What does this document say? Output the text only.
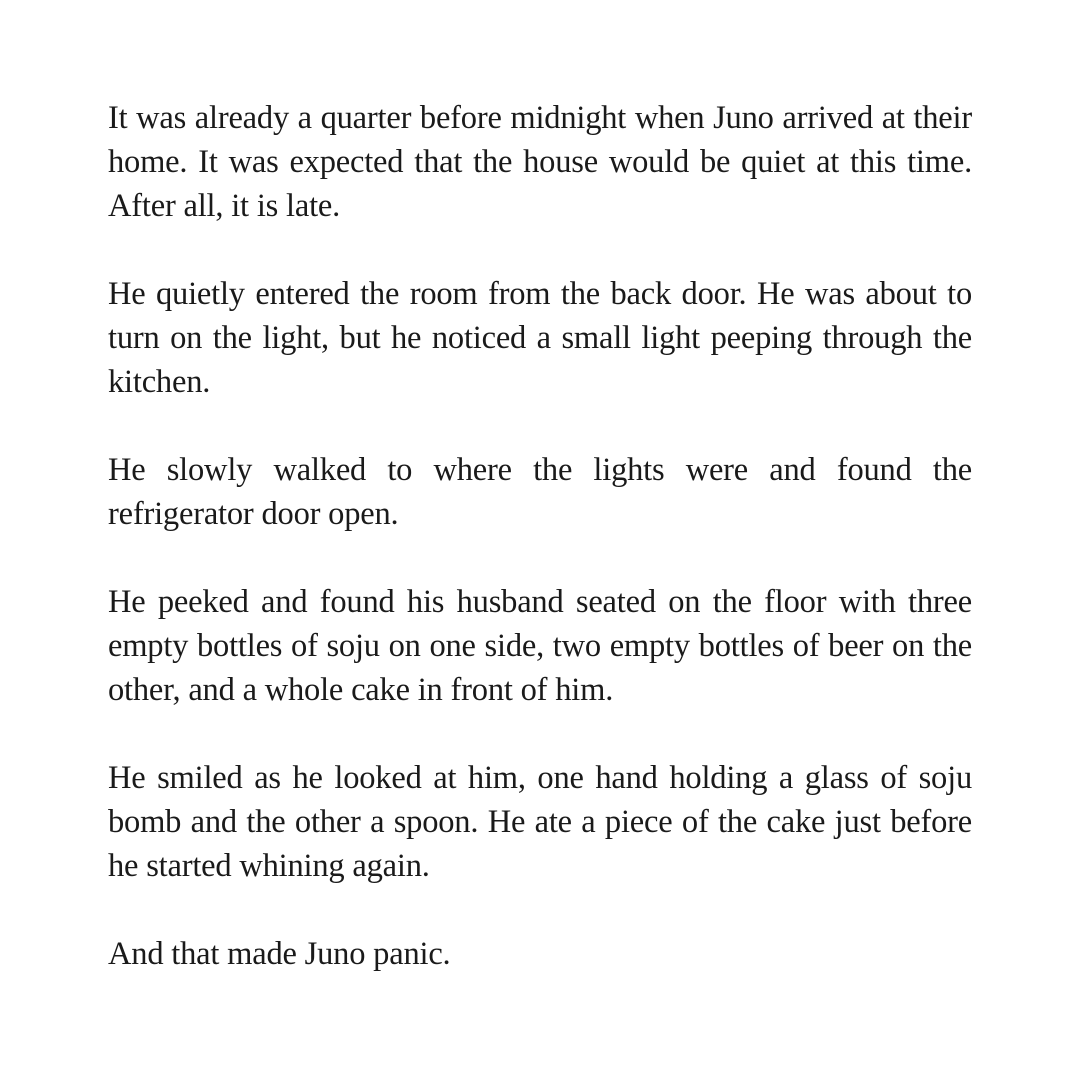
It was already a quarter before midnight when Juno arrived at their home. It was expected that the house would be quiet at this time. After all, it is late.

He quietly entered the room from the back door. He was about to turn on the light, but he noticed a small light peeping through the kitchen.

He slowly walked to where the lights were and found the refrigerator door open.

He peeked and found his husband seated on the floor with three empty bottles of soju on one side, two empty bottles of beer on the other, and a whole cake in front of him.

He smiled as he looked at him, one hand holding a glass of soju bomb and the other a spoon. He ate a piece of the cake just before he started whining again.

And that made Juno panic.
